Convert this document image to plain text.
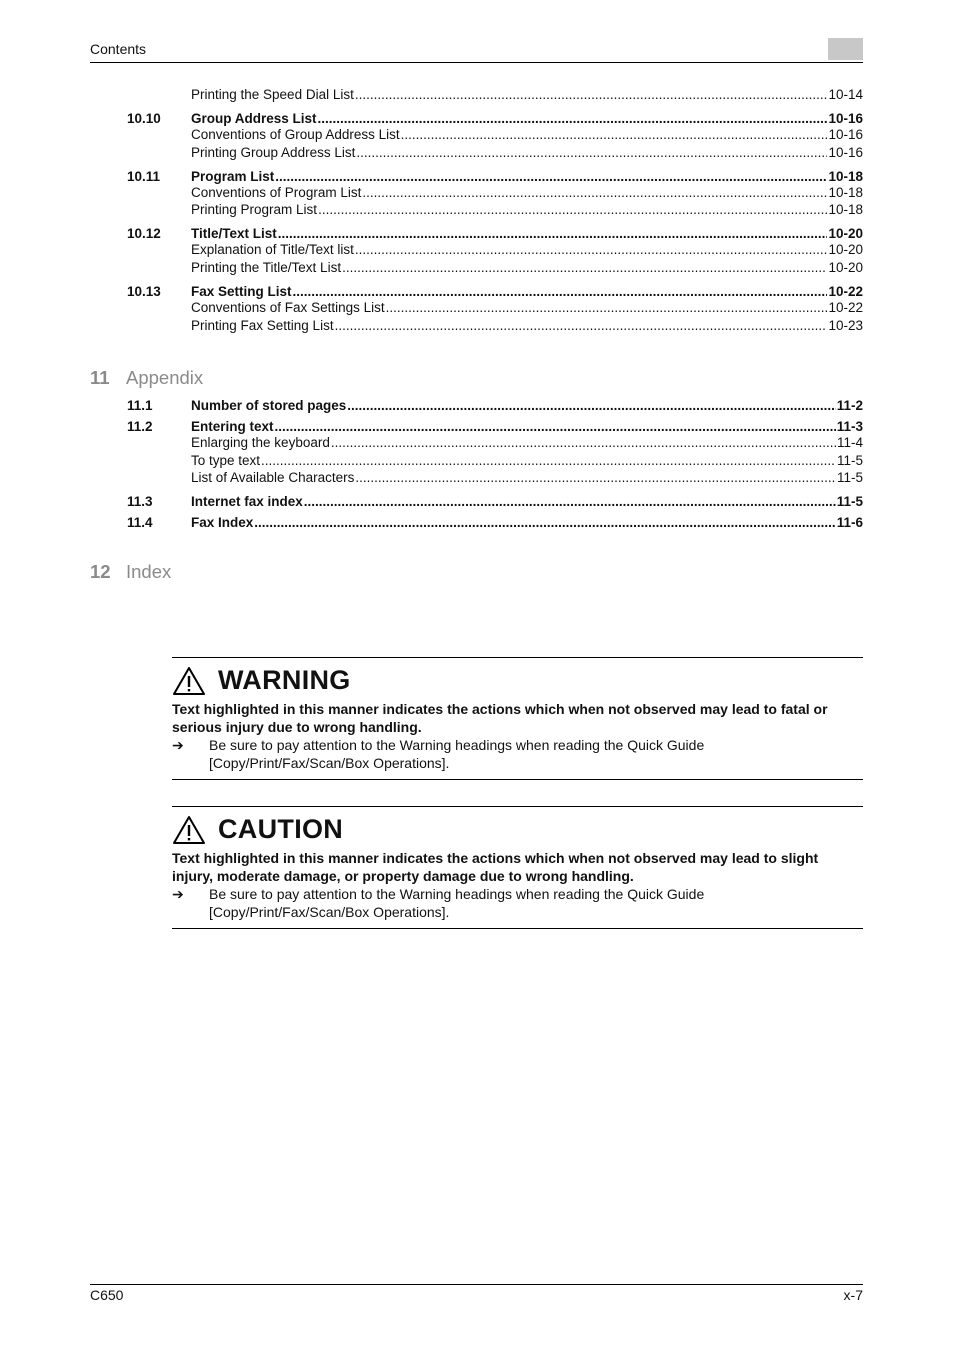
Contents
Printing the Speed Dial List .....	10-14
10.10 Group Address List .....	10-16
Conventions of Group Address List .....	10-16
Printing Group Address List .....	10-16
10.11 Program List .....	10-18
Conventions of Program List .....	10-18
Printing Program List .....	10-18
10.12 Title/Text List .....	10-20
Explanation of Title/Text list .....	10-20
Printing the Title/Text List .....	10-20
10.13 Fax Setting List .....	10-22
Conventions of Fax Settings List .....	10-22
Printing Fax Setting List .....	10-23
11.1	Number of stored pages .....	11-2
11.2	Entering text .....	11-3
Enlarging the keyboard .....	11-4
To type text .....	11-5
List of Available Characters .....	11-5
11.3	Internet fax index .....	11-5
11.4	Fax Index .....	11-6
11 Appendix
12 Index
WARNING
Text highlighted in this manner indicates the actions which when not observed may lead to fatal or serious injury due to wrong handling.
➔ Be sure to pay attention to the Warning headings when reading the Quick Guide [Copy/Print/Fax/Scan/Box Operations].
CAUTION
Text highlighted in this manner indicates the actions which when not observed may lead to slight injury, moderate damage, or property damage due to wrong handling.
➔ Be sure to pay attention to the Warning headings when reading the Quick Guide [Copy/Print/Fax/Scan/Box Operations].
C650	x-7
